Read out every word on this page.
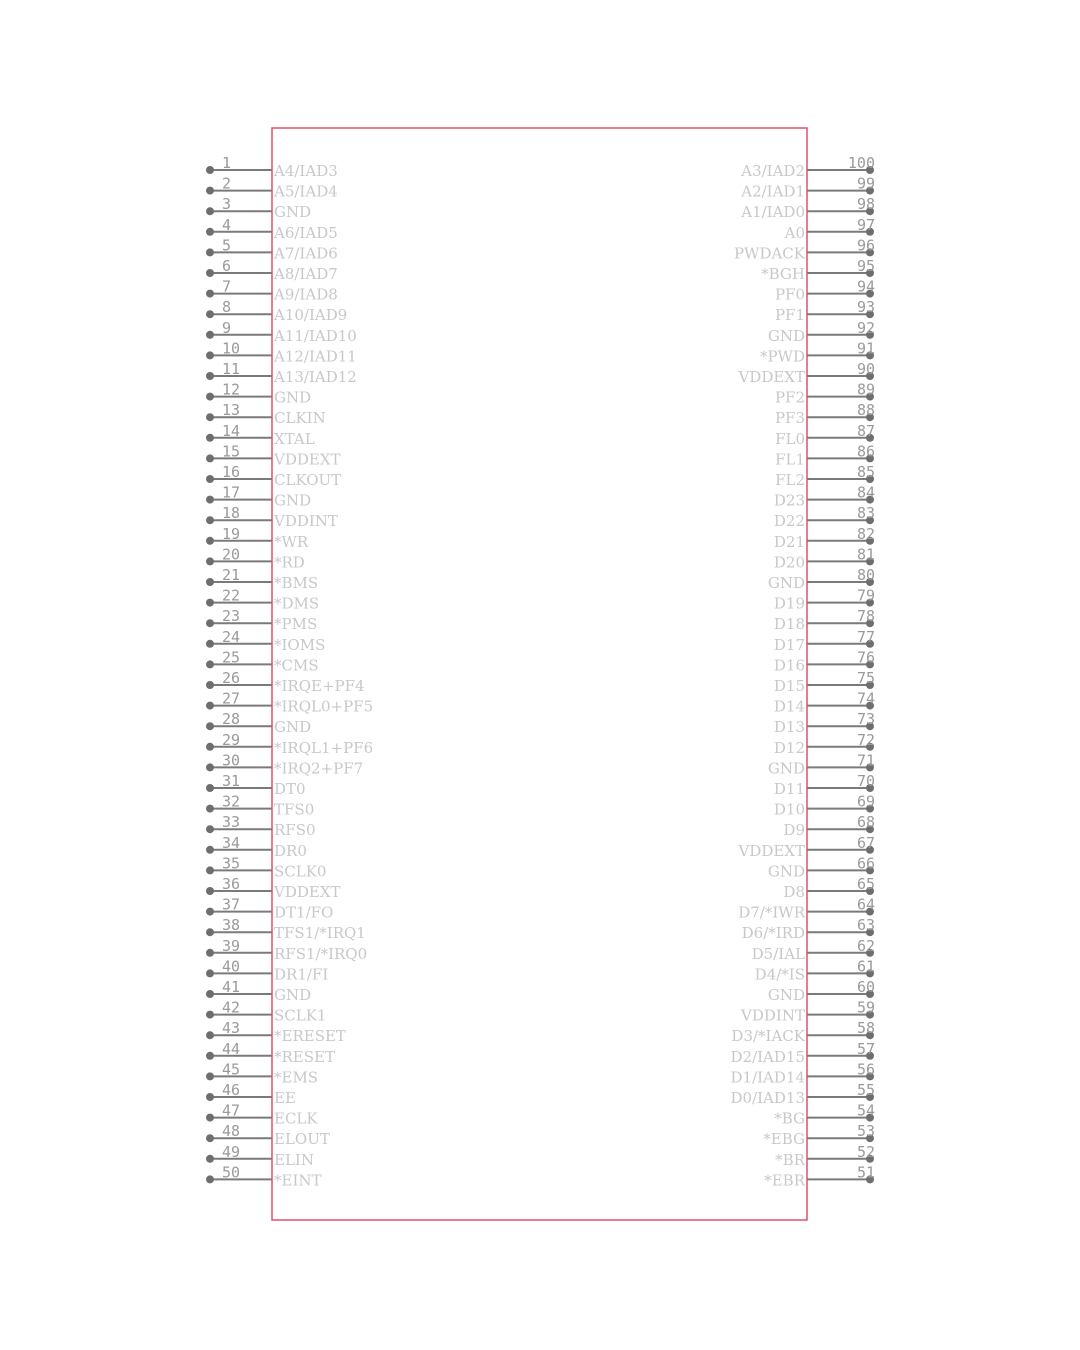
1	A4/IAD3
2	A5/IAD4
3	GND
4	A6/IAD5
5	A7/IAD6
6	A8/IAD7
7	A9/IAD8
8	A10/IAD9
9	A11/IAD10
10 A12/IAD11
11 A13/IAD12
12 GND
13 CLKIN
14 XTAL
15 VDDEXT
16 CLKOUT
17 GND
18 VDDINT
19 *WR
20 *RD
21 *BMS
22 *DMS
23 *PMS
24 *IOMS
25 *CMS
26 *IRQE+PF4
27 *IRQL0+PF5
28 GND
29 *IRQL1+PF6
30 *IRQ2+PF7
31 DT0
32 TFS0
33 RFS0
34 DR0
35 SCLK0
36 VDDEXT
37 DT1/FO
38 TFS1/*IRQ1
39 RFS1/*IRQ0
40 DR1/FI
41 GND
42 SCLK1
43 *ERESET
44 *RESET
45 *EMS
46 EE
47 ECLK
48 ELOUT
49 ELIN
50 *EINT
100
A3/IAD2
99
A2/IAD1
98
A1/IAD0
97
A0
96
PWDACK
95
*BGH
94
PF0
93
PF1
92
GND
91
*PWD
90
VDDEXT
89
PF2
88
PF3
87
FL0
86
FL1
85
FL2
84
D23
83
D22
82
D21
81
D20
80
GND
79
D19
78
D18
77
D17
76
D16
75
D15
74
D14
73
D13
72
D12
71
GND
70
D11
69
D10
68
D9
67
VDDEXT
66
GND
65
D8
64
D7/*IWR
63
D6/*IRD
62
D5/IAL
61
D4/*IS
60
GND
59
VDDINT
58
D3/*IACK
57
D2/IAD15
56
D1/IAD14
55
D0/IAD13
54
*BG
53
*EBG
52
*BR
51
*EBR
